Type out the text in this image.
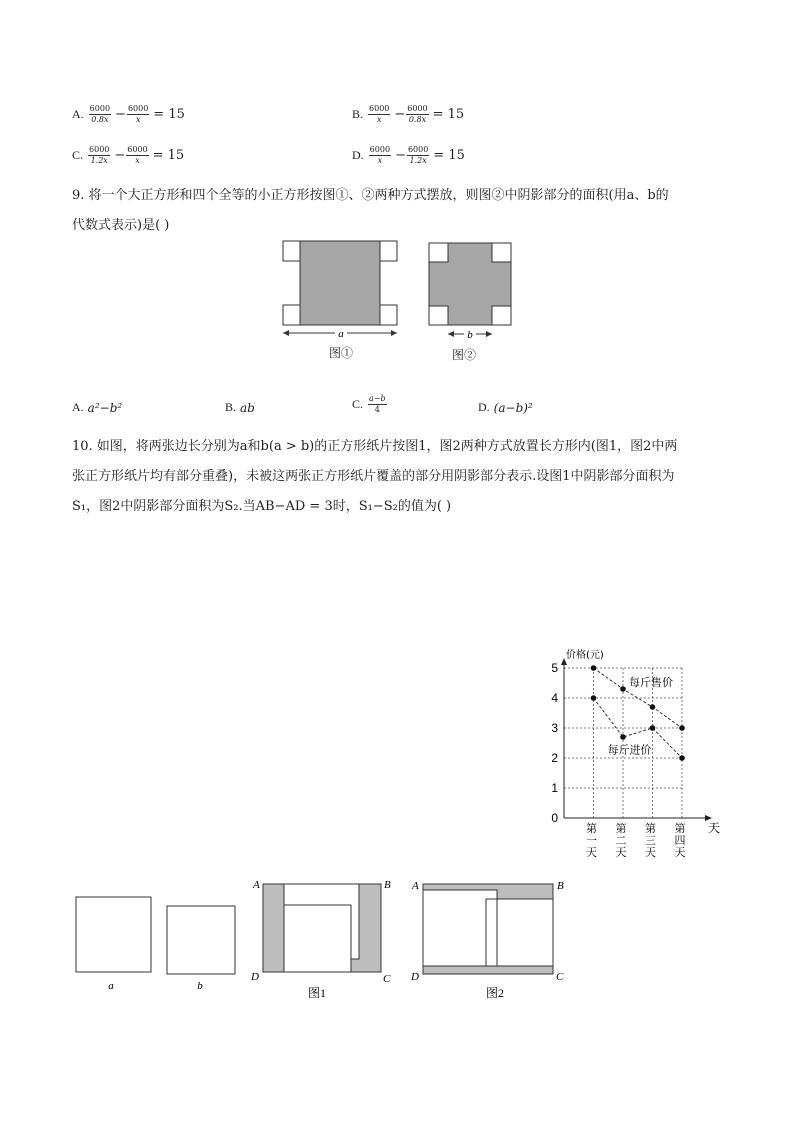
A. $\frac{6000}{0.8x} - \frac{6000}{x} = 15$	B. $\frac{6000}{x} - \frac{6000}{0.8x} = 15$
C. $\frac{6000}{1.2x} - \frac{6000}{x} = 15$	D. $\frac{6000}{x} - \frac{6000}{1.2x} = 15$
9. 将一个大正方形和四个全等的小正方形按图①、②两种方式摆放，则图②中阴影部分的面积(用a、b的
代数式表示)是( )
a
图①
b
图②
A. a²−b²	B. ab	C. $\frac{a-b}{4}$	D. (a−b)²
10. 如图，将两张边长分别为a和b(a > b)的正方形纸片按图1，图2两种方式放置长方形内(图1，图2中两
张正方形纸片均有部分重叠)，未被这两张正方形纸片覆盖的部分用阴影部分表示.设图1中阴影部分面积为
S₁，图2中阴影部分面积为S₂.当AB−AD = 3时，S₁−S₂的值为( )
0
1
2
3
4
5
价格(元)
天
第
一
天
第
二
天
第
三
天
第
四
天
每斤售价
每斤进价
a	b
A	B
D	C
图1
A	B
D	C
图2
